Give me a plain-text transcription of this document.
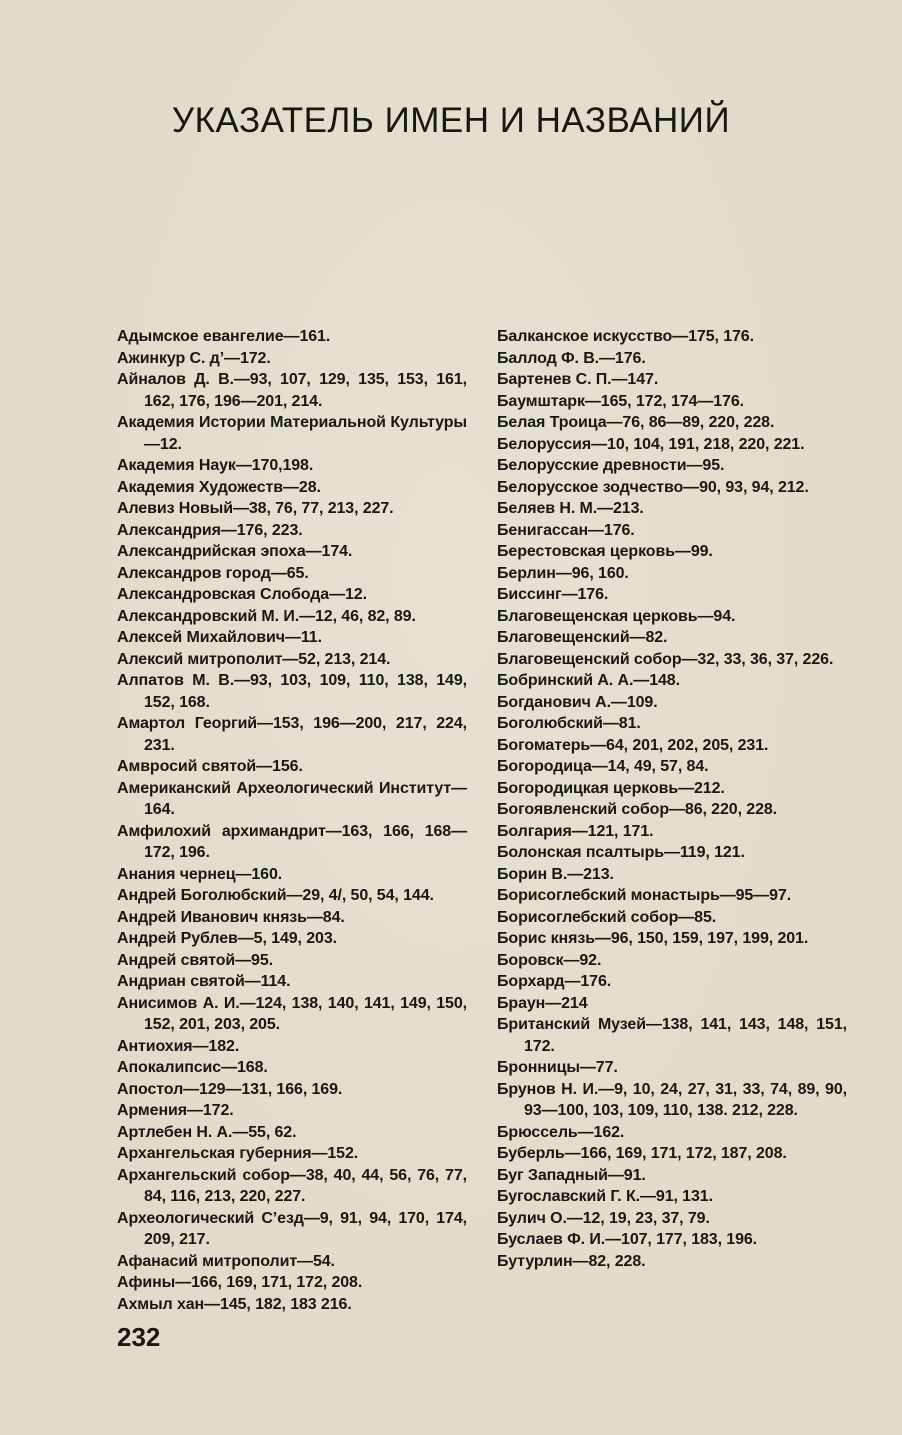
УКАЗАТЕЛЬ ИМЕН И НАЗВАНИЙ
Адымское евангелие—161.
Ажинкур С. д’—172.
Айналов Д. В.—93, 107, 129, 135, 153, 161, 162, 176, 196—201, 214.
Академия Истории Материальной Культуры—12.
Академия Наук—170,198.
Академия Художеств—28.
Алевиз Новый—38, 76, 77, 213, 227.
Александрия—176, 223.
Александрийская эпоха—174.
Александров город—65.
Александровская Слобода—12.
Александровский М. И.—12, 46, 82, 89.
Алексей Михайлович—11.
Алексий митрополит—52, 213, 214.
Алпатов М. В.—93, 103, 109, 110, 138, 149, 152, 168.
Амартол Георгий—153, 196—200, 217, 224, 231.
Амвросий святой—156.
Американский Археологический Институт—164.
Амфилохий архимандрит—163, 166, 168—172, 196.
Анания чернец—160.
Андрей Боголюбский—29, 4/, 50, 54, 144.
Андрей Иванович князь—84.
Андрей Рублев—5, 149, 203.
Андрей святой—95.
Андриан святой—114.
Анисимов А. И.—124, 138, 140, 141, 149, 150, 152, 201, 203, 205.
Антиохия—182.
Апокалипсис—168.
Апостол—129—131, 166, 169.
Армения—172.
Артлебен Н. А.—55, 62.
Архангельская губерния—152.
Архангельский собор—38, 40, 44, 56, 76, 77, 84, 116, 213, 220, 227.
Археологический С’езд—9, 91, 94, 170, 174, 209, 217.
Афанасий митрополит—54.
Афины—166, 169, 171, 172, 208.
Ахмыл хан—145, 182, 183 216.
Балканское искусство—175, 176.
Баллод Ф. В.—176.
Бартенев С. П.—147.
Баумштарк—165, 172, 174—176.
Белая Троица—76, 86—89, 220, 228.
Белоруссия—10, 104, 191, 218, 220, 221.
Белорусские древности—95.
Белорусское зодчество—90, 93, 94, 212.
Беляев Н. М.—213.
Бенигассан—176.
Берестовская церковь—99.
Берлин—96, 160.
Биссинг—176.
Благовещенская церковь—94.
Благовещенский—82.
Благовещенский собор—32, 33, 36, 37, 226.
Бобринский А. А.—148.
Богданович А.—109.
Боголюбский—81.
Богоматерь—64, 201, 202, 205, 231.
Богородица—14, 49, 57, 84.
Богородицкая церковь—212.
Богоявленский собор—86, 220, 228.
Болгария—121, 171.
Болонская псалтырь—119, 121.
Борин В.—213.
Борисоглебский монастырь—95—97.
Борисоглебский собор—85.
Борис князь—96, 150, 159, 197, 199, 201.
Боровск—92.
Борхард—176.
Браун—214
Британский Музей—138, 141, 143, 148, 151, 172.
Бронницы—77.
Брунов Н. И.—9, 10, 24, 27, 31, 33, 74, 89, 90, 93—100, 103, 109, 110, 138. 212, 228.
Брюссель—162.
Буберль—166, 169, 171, 172, 187, 208.
Буг Западный—91.
Бугославский Г. К.—91, 131.
Булич О.—12, 19, 23, 37, 79.
Буслаев Ф. И.—107, 177, 183, 196.
Бутурлин—82, 228.
232
